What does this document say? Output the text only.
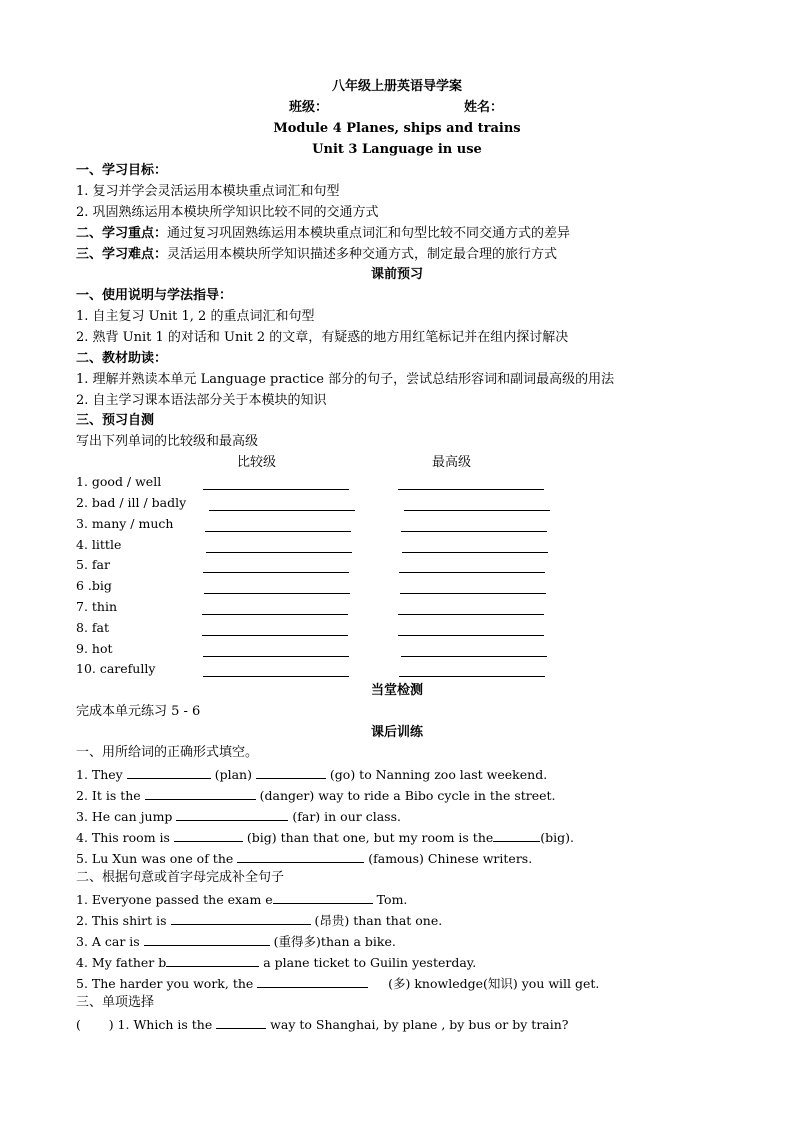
八年级上册英语导学案
班级：	姓名：
Module 4 Planes, ships and trains
Unit 3 Language in use
一、学习目标：
1. 复习并学会灵活运用本模块重点词汇和句型
2. 巩固熟练运用本模块所学知识比较不同的交通方式
二、学习重点：通过复习巩固熟练运用本模块重点词汇和句型比较不同交通方式的差异
三、学习难点：灵活运用本模块所学知识描述多种交通方式，制定最合理的旅行方式
课前预习
一、使用说明与学法指导：
1. 自主复习 Unit 1, 2 的重点词汇和句型
2. 熟背 Unit 1 的对话和 Unit 2 的文章，有疑惑的地方用红笔标记并在组内探讨解决
二、教材助读：
1. 理解并熟读本单元 Language practice 部分的句子，尝试总结形容词和副词最高级的用法
2. 自主学习课本语法部分关于本模块的知识
三、预习自测
写出下列单词的比较级和最高级
比较级	最高级
1. good / well
2. bad / ill / badly
3. many / much
4. little
5. far
6 .big
7. thin
8. fat
9. hot
10. carefully
当堂检测
完成本单元练习 5 - 6
课后训练
一、用所给词的正确形式填空。
1. They	(plan)	(go) to Nanning zoo last weekend.
2. It is the	(danger) way to ride a Bibo cycle in the street.
3. He can jump	(far) in our class.
4. This room is	(big) than that one, but my room is the	(big).
5. Lu Xun was one of the	(famous) Chinese writers.
二、根据句意或首字母完成补全句子
1. Everyone passed the exam e	Tom.
2. This shirt is	(昂贵) than that one.
3. A car is	(重得多)than a bike.
4. My father b	a plane ticket to Guilin yesterday.
5. The harder you work, the	(多) knowledge(知识) you will get.
三、单项选择
(       ) 1. Which is the	way to Shanghai, by plane , by bus or by train?
